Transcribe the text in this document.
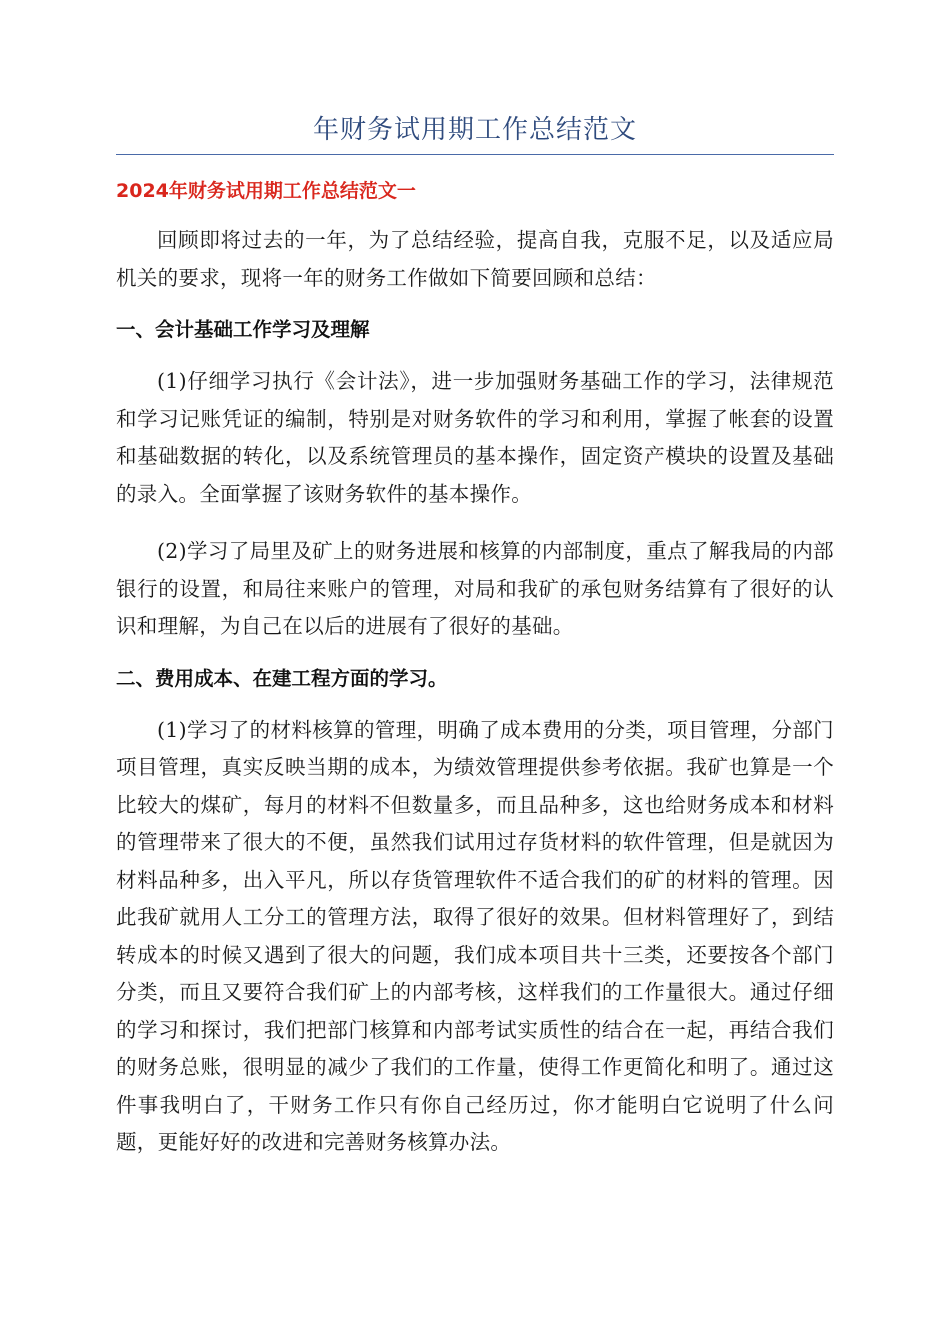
年财务试用期工作总结范文
2024年财务试用期工作总结范文一

回顾即将过去的一年，为了总结经验，提高自我，克服不足，以及适应局机关的要求，现将一年的财务工作做如下简要回顾和总结：

一、会计基础工作学习及理解

(1)仔细学习执行《会计法》，进一步加强财务基础工作的学习，法律规范和学习记账凭证的编制，特别是对财务软件的学习和利用，掌握了帐套的设置和基础数据的转化，以及系统管理员的基本操作，固定资产模块的设置及基础的录入。全面掌握了该财务软件的基本操作。

(2)学习了局里及矿上的财务进展和核算的内部制度，重点了解我局的内部银行的设置，和局往来账户的管理，对局和我矿的承包财务结算有了很好的认识和理解，为自己在以后的进展有了很好的基础。

二、费用成本、在建工程方面的学习。

(1)学习了的材料核算的管理，明确了成本费用的分类，项目管理，分部门项目管理，真实反映当期的成本，为绩效管理提供参考依据。我矿也算是一个比较大的煤矿，每月的材料不但数量多，而且品种多，这也给财务成本和材料的管理带来了很大的不便，虽然我们试用过存货材料的软件管理，但是就因为材料品种多，出入平凡，所以存货管理软件不适合我们的矿的材料的管理。因此我矿就用人工分工的管理方法，取得了很好的效果。但材料管理好了，到结转成本的时候又遇到了很大的问题，我们成本项目共十三类，还要按各个部门分类，而且又要符合我们矿上的内部考核，这样我们的工作量很大。通过仔细的学习和探讨，我们把部门核算和内部考试实质性的结合在一起，再结合我们的财务总账，很明显的减少了我们的工作量，使得工作更简化和明了。通过这件事我明白了，干财务工作只有你自己经历过，你才能明白它说明了什么问题，更能好好的改进和完善财务核算办法。
